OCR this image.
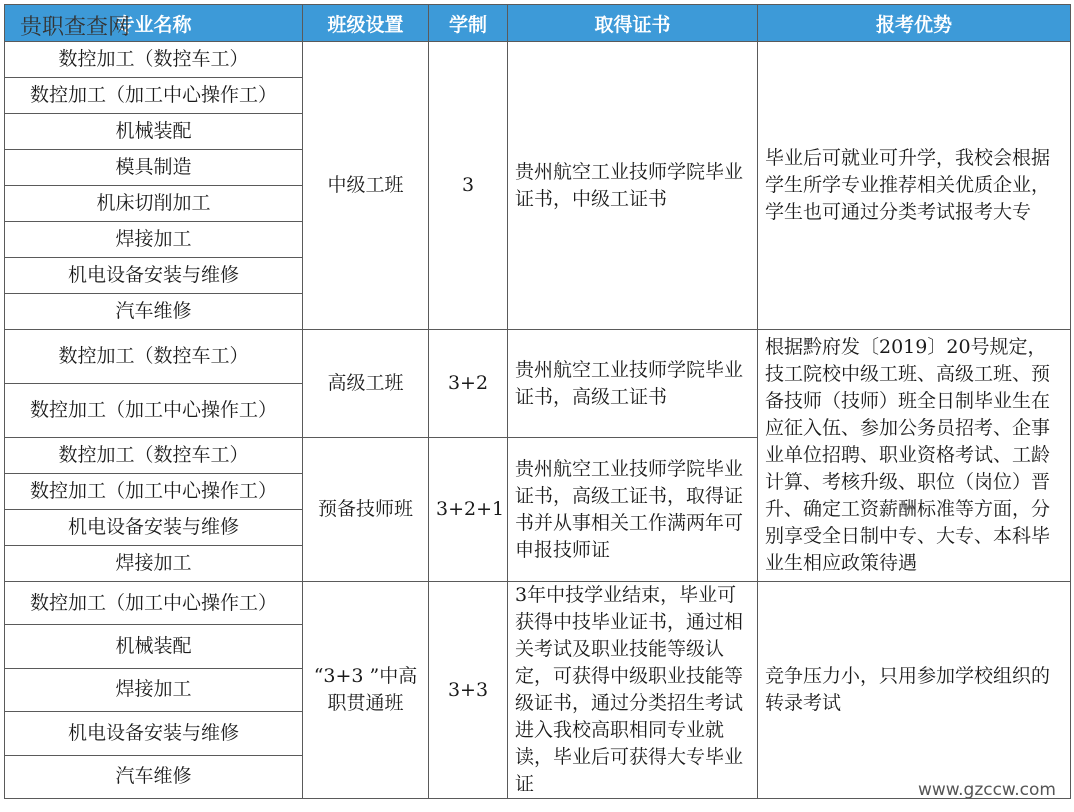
专业名称	班级设置	学制	取得证书	报考优势
数控加工（数控车工）	中级工班	3	贵州航空工业技师学院毕业证书，中级工证书	毕业后可就业可升学，我校会根据学生所学专业推荐相关优质企业，学生也可通过分类考试报考大专
数控加工（加工中心操作工）				
机械装配				
模具制造				
机床切削加工				
焊接加工				
机电设备安装与维修				
汽车维修				
数控加工（数控车工）	高级工班	3+2	贵州航空工业技师学院毕业证书，高级工证书	根据黔府发〔2019〕20号规定，技工院校中级工班、高级工班、预备技师（技师）班全日制毕业生在应征入伍、参加公务员招考、企事业单位招聘、职业资格考试、工龄计算、考核升级、职位（岗位）晋升、确定工资薪酬标准等方面，分别享受全日制中专、大专、本科毕业生相应政策待遇
数控加工（加工中心操作工）				
数控加工（数控车工）	预备技师班	3+2+1	贵州航空工业技师学院毕业证书，高级工证书，取得证书并从事相关工作满两年可申报技师证	
数控加工（加工中心操作工）				
机电设备安装与维修				
焊接加工				
数控加工（加工中心操作工）	“3+3 ”中高职贯通班	3+3	3年中技学业结束，毕业可获得中技毕业证书，通过相关考试及职业技能等级认定，可获得中级职业技能等级证书，通过分类招生考试进入我校高职相同专业就读，毕业后可获得大专毕业证	竞争压力小，只用参加学校组织的转录考试
机械装配				
焊接加工				
机电设备安装与维修				
汽车维修				
贵职查查网
www.gzccw.com
